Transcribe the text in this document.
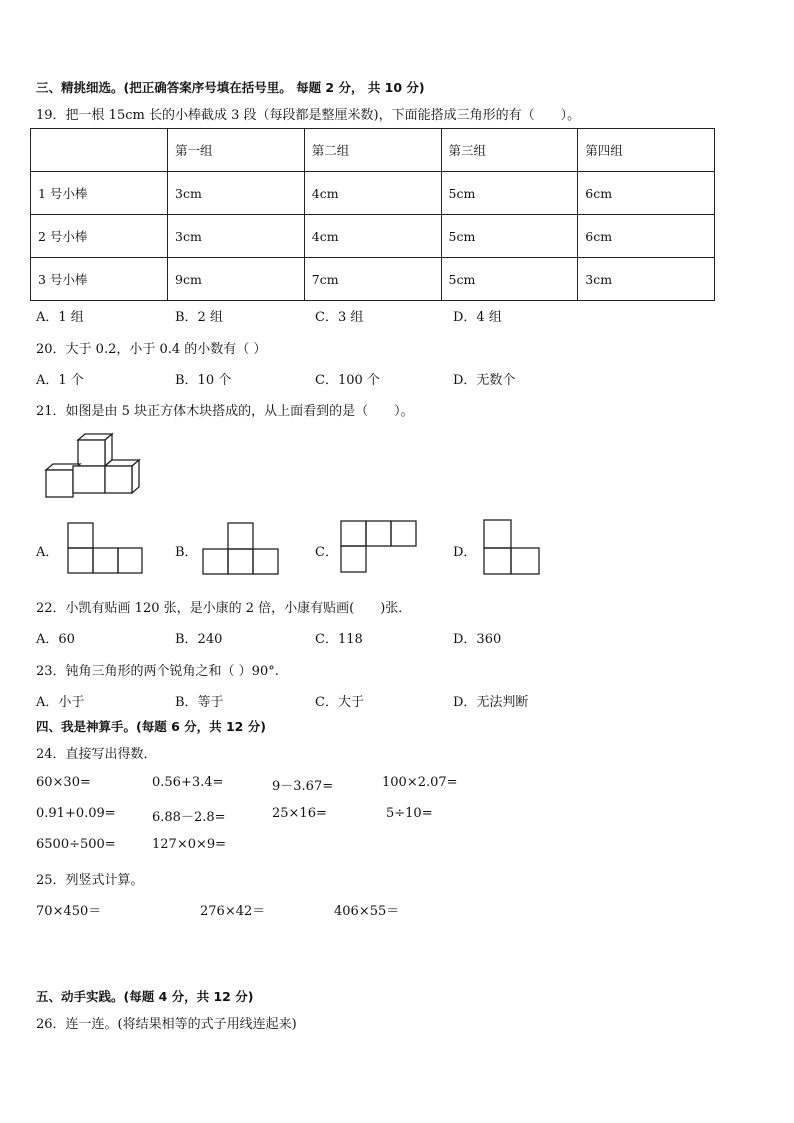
三、精挑细选。(把正确答案序号填在括号里。 每题 2 分， 共 10 分)
19．把一根 15cm 长的小棒截成 3 段（每段都是整厘米数)，下面能搭成三角形的有（　　）。
	第一组	第二组	第三组	第四组
1 号小棒	3cm	4cm	5cm	6cm
2 号小棒	3cm	4cm	5cm	6cm
3 号小棒	9cm	7cm	5cm	3cm
A．1 组	B．2 组	C．3 组	D．4 组
20．大于 0.2，小于 0.4 的小数有（ ）
A．1 个	B．10 个	C．100 个	D．无数个
21．如图是由 5 块正方体木块搭成的，从上面看到的是（　　）。
A．	B．	C．	D．
22．小凯有贴画 120 张，是小康的 2 倍，小康有贴画(　　)张．
A．60	B．240	C．118	D．360
23．钝角三角形的两个锐角之和（ ）90°.
A．小于	B．等于	C．大于	D．无法判断
四、我是神算手。(每题 6 分，共 12 分)
24．直接写出得数．
60×30=	0.56+3.4=	9－3.67=	100×2.07=
0.91+0.09=	6.88－2.8=	25×16=	5÷10=
6500÷500=	127×0×9=
25．列竖式计算。
70×450＝	276×42＝	406×55＝
五、动手实践。(每题 4 分，共 12 分)
26．连一连。(将结果相等的式子用线连起来)
